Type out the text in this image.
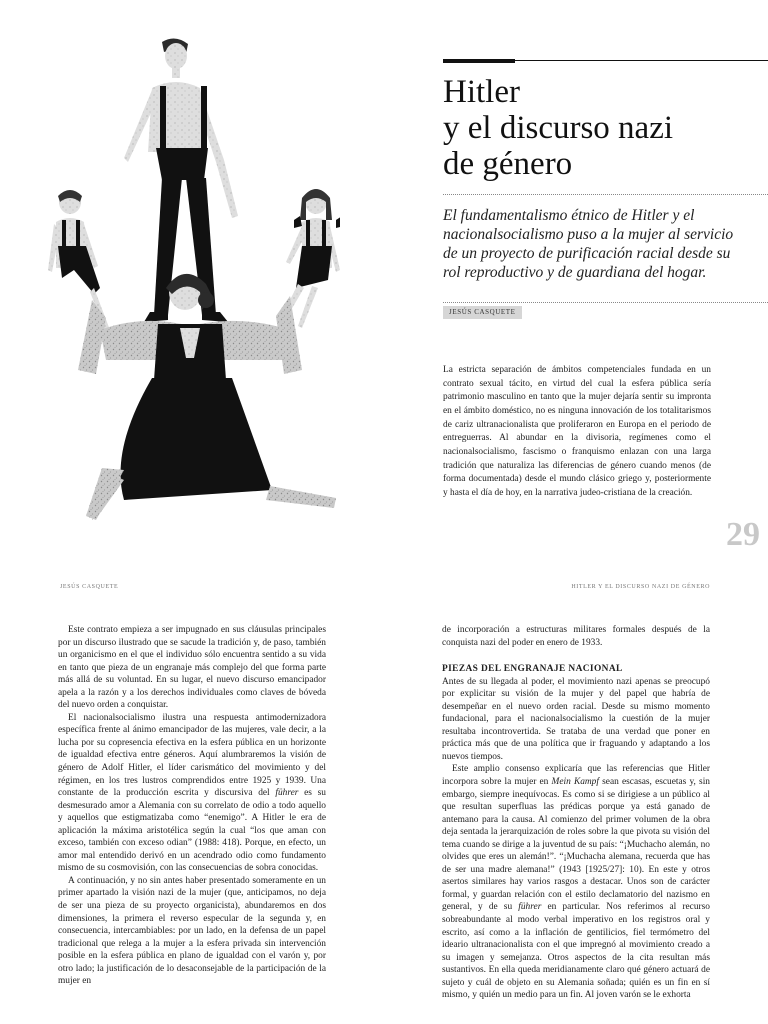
Hitler
y el discurso nazi
de género
El fundamentalismo étnico de Hitler y el nacionalsocialismo puso a la mujer al servicio de un proyecto de purificación racial desde su rol reproductivo y de guardiana del hogar.
JESÚS CASQUETE
La estricta separación de ámbitos competenciales fundada en un contrato sexual tácito, en virtud del cual la esfera pública sería patrimonio masculino en tanto que la mujer dejaría sentir su impronta en el ámbito doméstico, no es ninguna innovación de los totalitarismos de cariz ultranacionalista que proliferaron en Europa en el periodo de entreguerras. Al abundar en la divisoria, regímenes como el nacionalsocialismo, fascismo o franquismo enlazan con una larga tradición que naturaliza las diferencias de género cuando menos (de forma documentada) desde el mundo clásico griego y, posteriormente y hasta el día de hoy, en la narrativa judeo-cristiana de la creación.
29
JESÚS CASQUETE	HITLER Y EL DISCURSO NAZI DE GÉNERO

Este contrato empieza a ser impugnado en sus cláusulas principales por un discurso ilustrado que se sacude la tradición y, de paso, también un organicismo en el que el individuo sólo encuentra sentido a su vida en tanto que pieza de un engranaje más complejo del que forma parte más allá de su voluntad. En su lugar, el nuevo discurso emancipador apela a la razón y a los derechos individuales como claves de bóveda del nuevo orden a conquistar.

El nacionalsocialismo ilustra una respuesta antimodernizadora específica frente al ánimo emancipador de las mujeres, vale decir, a la lucha por su copresencia efectiva en la esfera pública en un horizonte de igualdad efectiva entre géneros. Aquí alumbraremos la visión de género de Adolf Hitler, el líder carismático del movimiento y del régimen, en los tres lustros comprendidos entre 1925 y 1939. Una constante de la producción escrita y discursiva del führer es su desmesurado amor a Alemania con su correlato de odio a todo aquello y aquellos que estigmatizaba como “enemigo”. A Hitler le era de aplicación la máxima aristotélica según la cual “los que aman con exceso, también con exceso odian” (1988: 418). Porque, en efecto, un amor mal entendido derivó en un acendrado odio como fundamento mismo de su cosmovisión, con las consecuencias de sobra conocidas.

A continuación, y no sin antes haber presentado someramente en un primer apartado la visión nazi de la mujer (que, anticipamos, no deja de ser una pieza de su proyecto organicista), abundaremos en dos dimensiones, la primera el reverso especular de la segunda y, en consecuencia, intercambiables: por un lado, en la defensa de un papel tradicional que relega a la mujer a la esfera privada sin intervención posible en la esfera pública en plano de igualdad con el varón y, por otro lado; la justificación de lo desaconsejable de la participación de la mujer en

de incorporación a estructuras militares formales después de la conquista nazi del poder en enero de 1933.

PIEZAS DEL ENGRANAJE NACIONAL

Antes de su llegada al poder, el movimiento nazi apenas se preocupó por explicitar su visión de la mujer y del papel que habría de desempeñar en el nuevo orden racial. Desde su mismo momento fundacional, para el nacionalsocialismo la cuestión de la mujer resultaba incontrovertida. Se trataba de una verdad que poner en práctica más que de una política que ir fraguando y adaptando a los nuevos tiempos.

Este amplio consenso explicaría que las referencias que Hitler incorpora sobre la mujer en Mein Kampf sean escasas, escuetas y, sin embargo, siempre inequívocas. Es como si se dirigiese a un público al que resultan superfluas las prédicas porque ya está ganado de antemano para la causa. Al comienzo del primer volumen de la obra deja sentada la jerarquización de roles sobre la que pivota su visión del tema cuando se dirige a la juventud de su país: “¡Muchacho alemán, no olvides que eres un alemán!”. “¡Muchacha alemana, recuerda que has de ser una madre alemana!” (1943 [1925/27]: 10). En este y otros asertos similares hay varios rasgos a destacar. Unos son de carácter formal, y guardan relación con el estilo declamatorio del nazismo en general, y de su führer en particular. Nos referimos al recurso sobreabundante al modo verbal imperativo en los registros oral y escrito, así como a la inflación de gentilicios, fiel termómetro del ideario ultranacionalista con el que impregnó al movimiento creado a su imagen y semejanza. Otros aspectos de la cita resultan más sustantivos. En ella queda meridianamente claro qué género actuará de sujeto y cuál de objeto en su Alemania soñada; quién es un fin en sí mismo, y quién un medio para un fin. Al joven varón se le exhorta
